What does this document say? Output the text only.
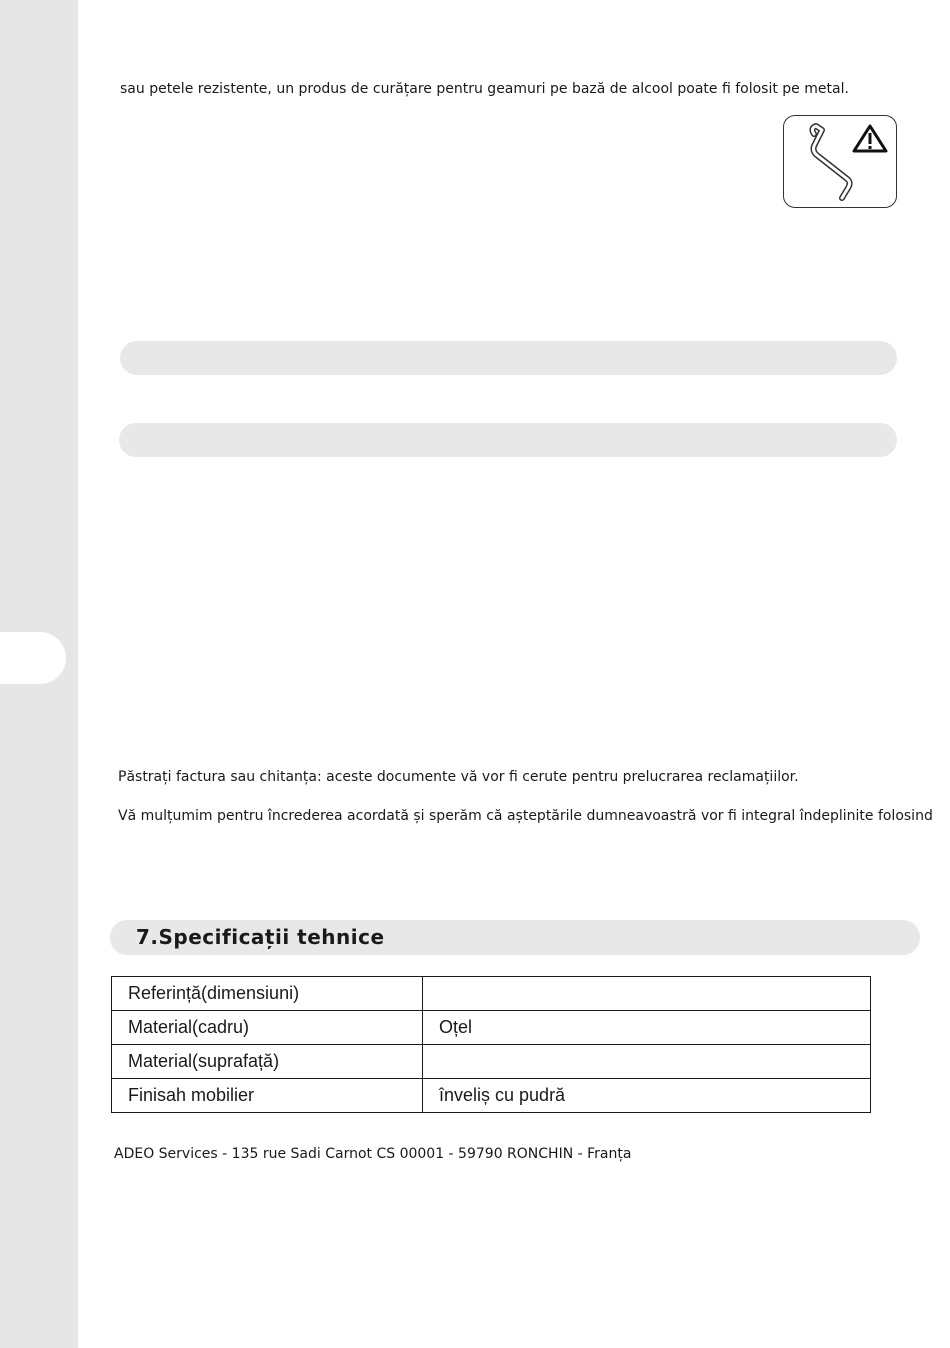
sau petele rezistente, un produs de curățare pentru geamuri pe bază de alcool poate fi folosit pe metal.
Păstrați factura sau chitanța: aceste documente vă vor fi cerute pentru prelucrarea reclamațiilor.
Vă mulțumim pentru încrederea acordată și sperăm că așteptările dumneavoastră vor fi integral îndeplinite folosind
7.Specificații tehnice
Referință(dimensiuni)	
Material(cadru)	Oțel
Material(suprafață)	
Finisah mobilier	înveliș cu pudră
ADEO Services - 135 rue Sadi Carnot CS 00001 - 59790 RONCHIN - Franța
